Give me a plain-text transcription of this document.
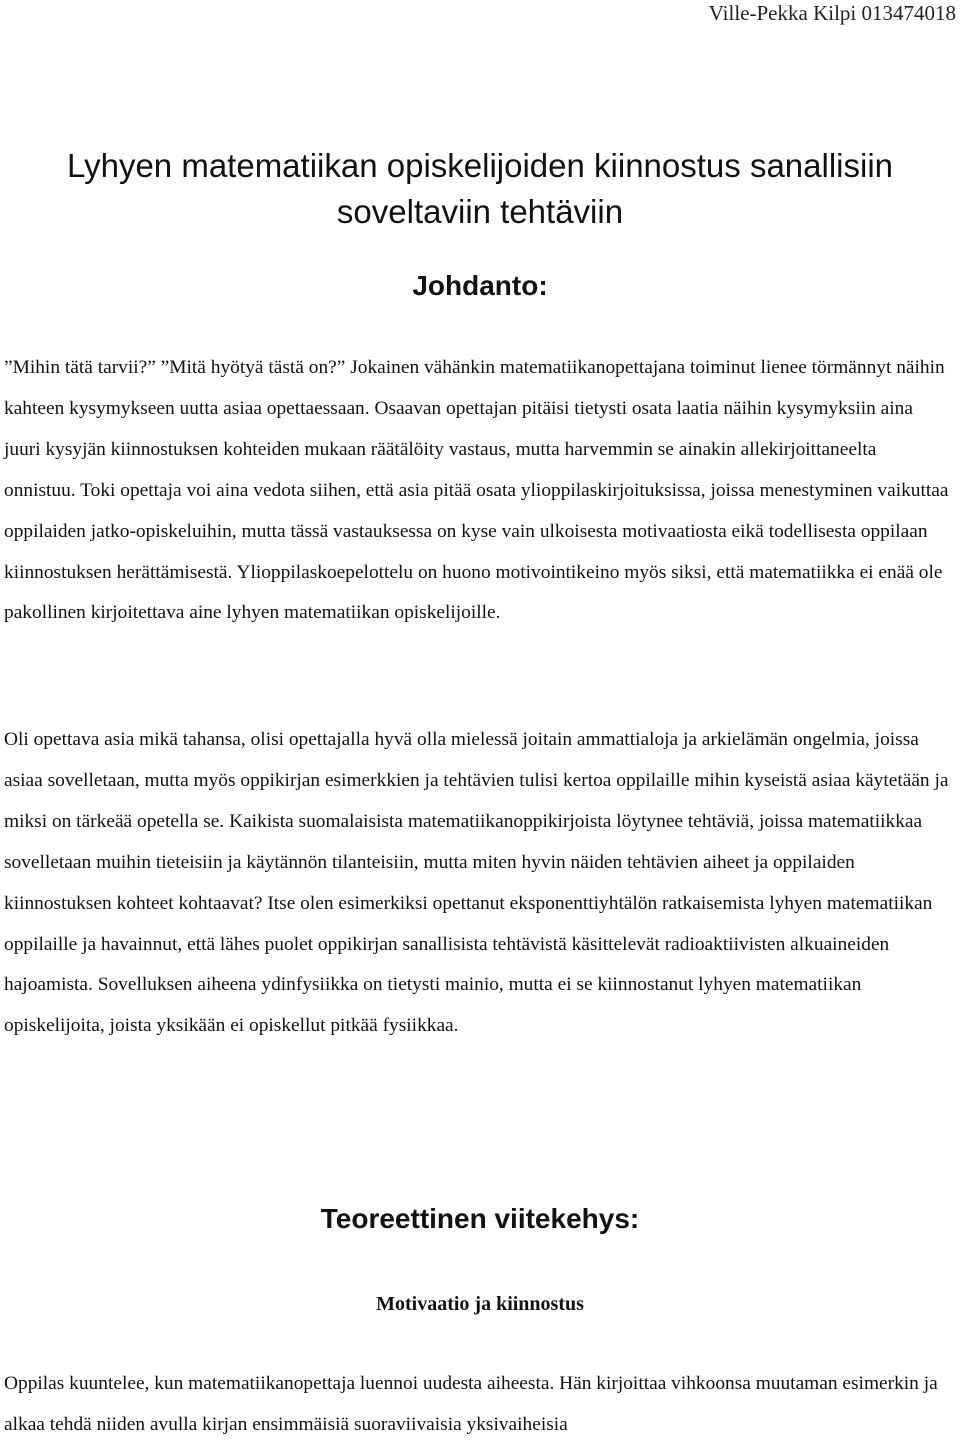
Ville-Pekka Kilpi 013474018
Lyhyen matematiikan opiskelijoiden kiinnostus sanallisiin soveltaviin tehtäviin
Johdanto:

”Mihin tätä tarvii?” ”Mitä hyötyä tästä on?” Jokainen vähänkin matematiikanopettajana toiminut lienee törmännyt näihin kahteen kysymykseen uutta asiaa opettaessaan. Osaavan opettajan pitäisi tietysti osata laatia näihin kysymyksiin aina juuri kysyjän kiinnostuksen kohteiden mukaan räätälöity vastaus, mutta harvemmin se ainakin allekirjoittaneelta onnistuu. Toki opettaja voi aina vedota siihen, että asia pitää osata ylioppilaskirjoituksissa, joissa menestyminen vaikuttaa oppilaiden jatko-opiskeluihin, mutta tässä vastauksessa on kyse vain ulkoisesta motivaatiosta eikä todellisesta oppilaan kiinnostuksen herättämisestä. Ylioppilaskoepelottelu on huono motivointikeino myös siksi, että matematiikka ei enää ole pakollinen kirjoitettava aine lyhyen matematiikan opiskelijoille.

Oli opettava asia mikä tahansa, olisi opettajalla hyvä olla mielessä joitain ammattialoja ja arkielämän ongelmia, joissa asiaa sovelletaan, mutta myös oppikirjan esimerkkien ja tehtävien tulisi kertoa oppilaille mihin kyseistä asiaa käytetään ja miksi on tärkeää opetella se. Kaikista suomalaisista matematiikanoppikirjoista löytynee tehtäviä, joissa matematiikkaa sovelletaan muihin tieteisiin ja käytännön tilanteisiin, mutta miten hyvin näiden tehtävien aiheet ja oppilaiden kiinnostuksen kohteet kohtaavat? Itse olen esimerkiksi opettanut eksponenttiyhtälön ratkaisemista lyhyen matematiikan oppilaille ja havainnut, että lähes puolet oppikirjan sanallisista tehtävistä käsittelevät radioaktiivisten alkuaineiden hajoamista. Sovelluksen aiheena ydinfysiikka on tietysti mainio, mutta ei se kiinnostanut lyhyen matematiikan opiskelijoita, joista yksikään ei opiskellut pitkää fysiikkaa.

Teoreettinen viitekehys:
Motivaatio ja kiinnostus

Oppilas kuuntelee, kun matematiikanopettaja luennoi uudesta aiheesta. Hän kirjoittaa vihkoonsa muutaman esimerkin ja alkaa tehdä niiden avulla kirjan ensimmäisiä suoraviivaisia yksivaiheisia
